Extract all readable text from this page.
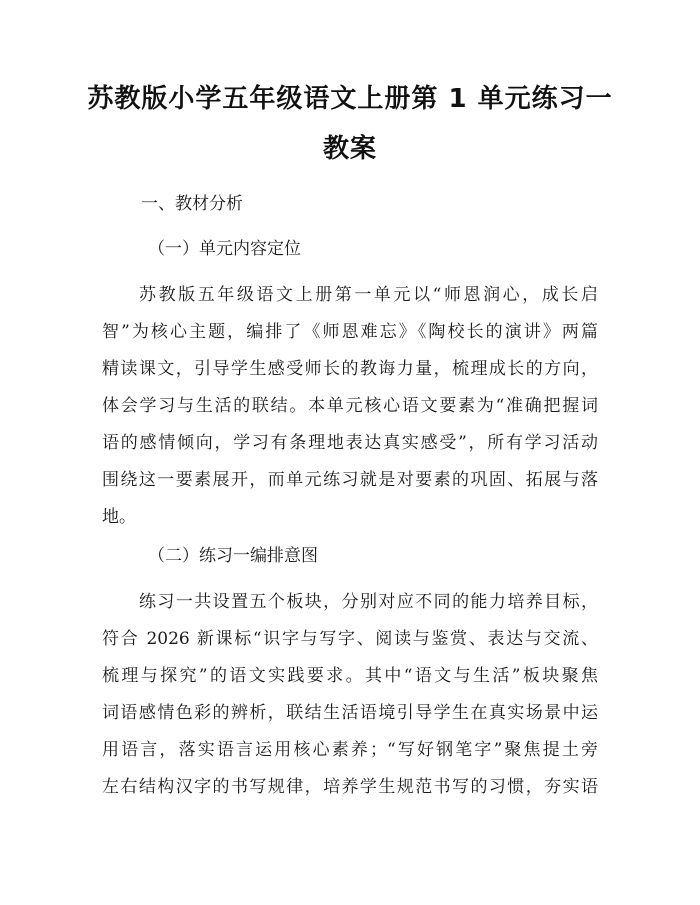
苏教版小学五年级语文上册第 1 单元练习一
教案
一、教材分析
（一）单元内容定位
苏教版五年级语文上册第一单元以“师恩润心，成长启
智”为核心主题，编排了《师恩难忘》《陶校长的演讲》两篇
精读课文，引导学生感受师长的教诲力量，梳理成长的方向，
体会学习与生活的联结。本单元核心语文要素为“准确把握词
语的感情倾向，学习有条理地表达真实感受”，所有学习活动
围绕这一要素展开，而单元练习就是对要素的巩固、拓展与落
地。
（二）练习一编排意图
练习一共设置五个板块，分别对应不同的能力培养目标，
符合 2026 新课标“识字与写字、阅读与鉴赏、表达与交流、
梳理与探究”的语文实践要求。其中“语文与生活”板块聚焦
词语感情色彩的辨析，联结生活语境引导学生在真实场景中运
用语言，落实语言运用核心素养；“写好钢笔字”聚焦提土旁
左右结构汉字的书写规律，培养学生规范书写的习惯，夯实语
